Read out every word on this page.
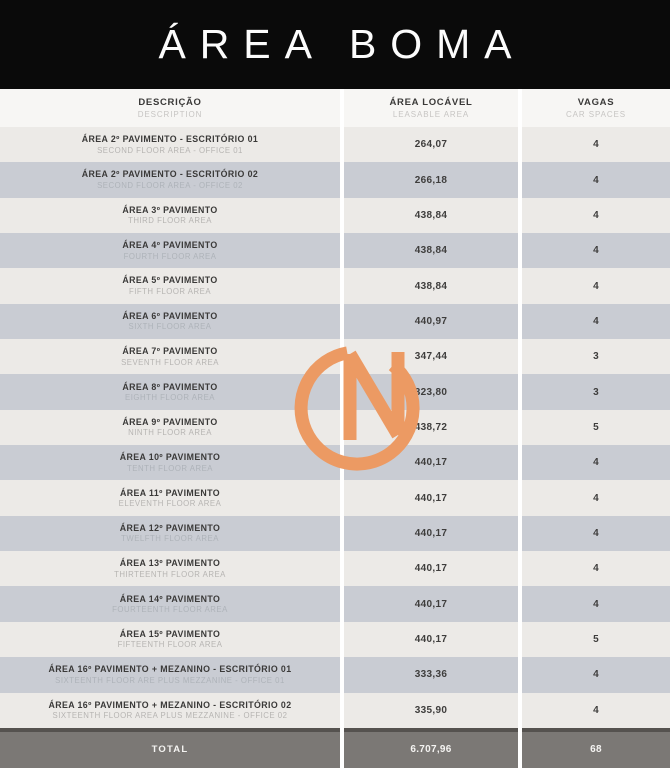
ÁREA BOMA
DESCRIÇÃO
DESCRIPTION
ÁREA LOCÁVEL
LEASABLE AREA
VAGAS
CAR SPACES
ÁREA 2º PAVIMENTO - ESCRITÓRIO 01
SECOND FLOOR AREA - OFFICE 01	264,07	4
ÁREA 2º PAVIMENTO - ESCRITÓRIO 02
SECOND FLOOR AREA - OFFICE 02	266,18	4
ÁREA 3º PAVIMENTO
THIRD FLOOR AREA	438,84	4
ÁREA 4º PAVIMENTO
FOURTH FLOOR AREA	438,84	4
ÁREA 5º PAVIMENTO
FIFTH FLOOR AREA	438,84	4
ÁREA 6º PAVIMENTO
SIXTH FLOOR AREA	440,97	4
ÁREA 7º PAVIMENTO
SEVENTH FLOOR AREA	347,44	3
ÁREA 8º PAVIMENTO
EIGHTH FLOOR AREA	323,80	3
ÁREA 9º PAVIMENTO
NINTH FLOOR AREA	438,72	5
ÁREA 10º PAVIMENTO
TENTH FLOOR AREA	440,17	4
ÁREA 11º PAVIMENTO
ELEVENTH FLOOR AREA	440,17	4
ÁREA 12º PAVIMENTO
TWELFTH FLOOR AREA	440,17	4
ÁREA 13º PAVIMENTO
THIRTEENTH FLOOR AREA	440,17	4
ÁREA 14º PAVIMENTO
FOURTEENTH FLOOR AREA	440,17	4
ÁREA 15º PAVIMENTO
FIFTEENTH FLOOR AREA	440,17	5
ÁREA 16º PAVIMENTO + MEZANINO - ESCRITÓRIO 01
SIXTEENTH FLOOR ARE PLUS MEZZANINE - OFFICE 01	333,36	4
ÁREA 16º PAVIMENTO + MEZANINO - ESCRITÓRIO 02
SIXTEENTH FLOOR AREA PLUS MEZZANINE - OFFICE 02	335,90	4
TOTAL	6.707,96	68
